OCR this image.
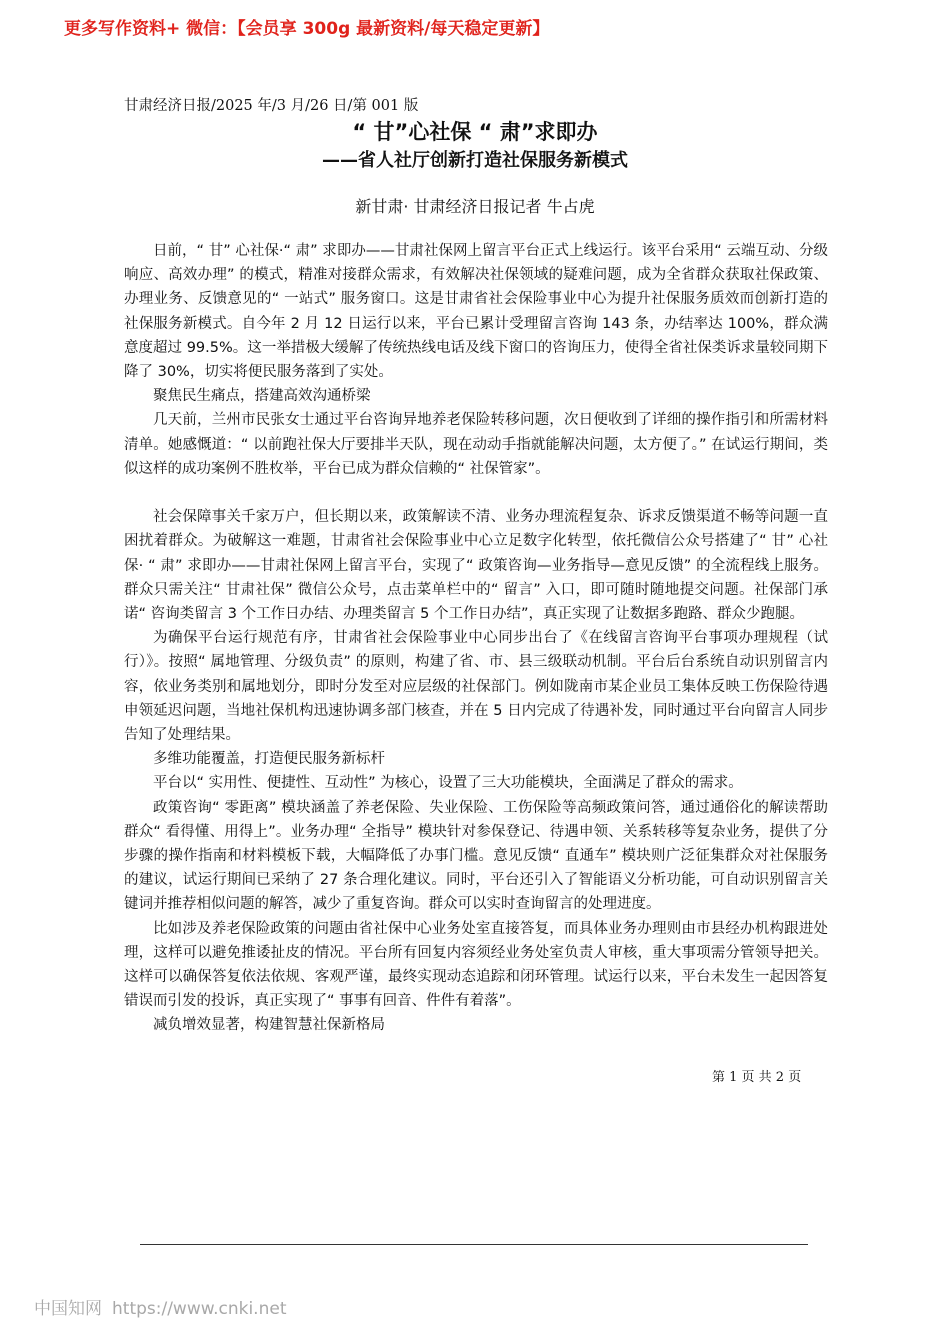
更多写作资料+ 微信：【会员享 300g 最新资料/每天稳定更新】
甘肃经济日报/2025 年/3 月/26 日/第 001 版
“ 甘”心社保 “ 肃”求即办
——省人社厅创新打造社保服务新模式
新甘肃· 甘肃经济日报记者 牛占虎

日前，“ 甘” 心社保·“ 肃” 求即办——甘肃社保网上留言平台正式上线运行。该平台采用“ 云端互动、分级响应、高效办理” 的模式，精准对接群众需求，有效解决社保领域的疑难问题，成为全省群众获取社保政策、办理业务、反馈意见的“ 一站式” 服务窗口。这是甘肃省社会保险事业中心为提升社保服务质效而创新打造的社保服务新模式。自今年 2 月 12 日运行以来，平台已累计受理留言咨询 143 条，办结率达 100%，群众满意度超过 99.5%。这一举措极大缓解了传统热线电话及线下窗口的咨询压力，使得全省社保类诉求量较同期下降了 30%，切实将便民服务落到了实处。

聚焦民生痛点，搭建高效沟通桥梁

几天前，兰州市民张女士通过平台咨询异地养老保险转移问题，次日便收到了详细的操作指引和所需材料清单。她感慨道：“ 以前跑社保大厅要排半天队，现在动动手指就能解决问题，太方便了。” 在试运行期间，类似这样的成功案例不胜枚举，平台已成为群众信赖的“ 社保管家”。

社会保障事关千家万户，但长期以来，政策解读不清、业务办理流程复杂、诉求反馈渠道不畅等问题一直困扰着群众。为破解这一难题，甘肃省社会保险事业中心立足数字化转型，依托微信公众号搭建了“ 甘” 心社保· “ 肃” 求即办——甘肃社保网上留言平台，实现了“ 政策咨询—业务指导—意见反馈” 的全流程线上服务。群众只需关注“ 甘肃社保” 微信公众号，点击菜单栏中的“ 留言” 入口，即可随时随地提交问题。社保部门承诺“ 咨询类留言 3 个工作日办结、办理类留言 5 个工作日办结”，真正实现了让数据多跑路、群众少跑腿。

为确保平台运行规范有序，甘肃省社会保险事业中心同步出台了《在线留言咨询平台事项办理规程（试行）》。按照“ 属地管理、分级负责” 的原则，构建了省、市、县三级联动机制。平台后台系统自动识别留言内容，依业务类别和属地划分，即时分发至对应层级的社保部门。例如陇南市某企业员工集体反映工伤保险待遇申领延迟问题，当地社保机构迅速协调多部门核查，并在 5 日内完成了待遇补发，同时通过平台向留言人同步告知了处理结果。

多维功能覆盖，打造便民服务新标杆

平台以“ 实用性、便捷性、互动性” 为核心，设置了三大功能模块，全面满足了群众的需求。

政策咨询“ 零距离” 模块涵盖了养老保险、失业保险、工伤保险等高频政策问答，通过通俗化的解读帮助群众“ 看得懂、用得上”。业务办理“ 全指导” 模块针对参保登记、待遇申领、关系转移等复杂业务，提供了分步骤的操作指南和材料模板下载，大幅降低了办事门槛。意见反馈“ 直通车” 模块则广泛征集群众对社保服务的建议，试运行期间已采纳了 27 条合理化建议。同时，平台还引入了智能语义分析功能，可自动识别留言关键词并推荐相似问题的解答，减少了重复咨询。群众可以实时查询留言的处理进度。

比如涉及养老保险政策的问题由省社保中心业务处室直接答复，而具体业务办理则由市县经办机构跟进处理，这样可以避免推诿扯皮的情况。平台所有回复内容须经业务处室负责人审核，重大事项需分管领导把关。这样可以确保答复依法依规、客观严谨，最终实现动态追踪和闭环管理。试运行以来，平台未发生一起因答复错误而引发的投诉，真正实现了“ 事事有回音、件件有着落”。

减负增效显著，构建智慧社保新格局

第 1 页 共 2 页
中国知网 https://www.cnki.net
